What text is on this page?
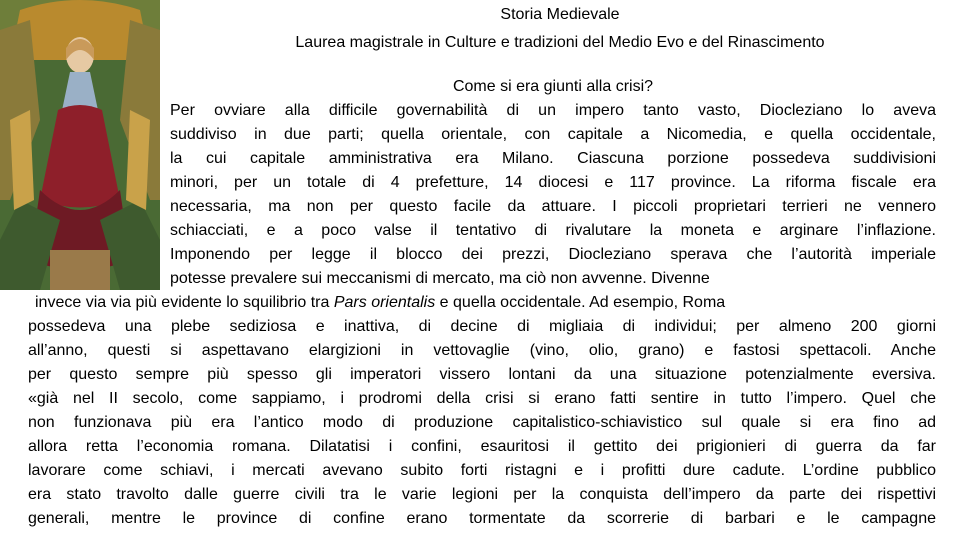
Storia Medievale
Laurea magistrale in Culture e tradizioni del Medio Evo e del Rinascimento
Come si era giunti alla crisi?
Per ovviare alla difficile governabilità di un impero tanto vasto, Diocleziano lo aveva
suddiviso in due parti; quella orientale, con capitale a Nicomedia, e quella occidentale,
la cui capitale amministrativa era Milano. Ciascuna porzione possedeva suddivisioni
minori, per un totale di 4 prefetture, 14 diocesi e 117 province. La riforma fiscale era
necessaria, ma non per questo facile da attuare. I piccoli proprietari terrieri ne vennero
schiacciati, e a poco valse il tentativo di rivalutare la moneta e arginare l’inflazione.
Imponendo per legge il blocco dei prezzi, Diocleziano sperava che l’autorità imperiale
potesse prevalere sui meccanismi di mercato, ma ciò non avvenne. Divenne
invece via via più evidente lo squilibrio tra Pars orientalis e quella occidentale. Ad esempio, Roma
possedeva una plebe sediziosa e inattiva, di decine di migliaia di individui; per almeno 200 giorni
all’anno, questi si aspettavano elargizioni in vettovaglie (vino, olio, grano) e fastosi spettacoli. Anche
per questo sempre più spesso gli imperatori vissero lontani da una situazione potenzialmente eversiva.
«già nel II secolo, come sappiamo, i prodromi della crisi si erano fatti sentire in tutto l’impero. Quel che
non funzionava più era l’antico modo di produzione capitalistico-schiavistico sul quale si era fino ad
allora retta l’economia romana. Dilatatisi i confini, esauritosi il gettito dei prigionieri di guerra da far
lavorare come schiavi, i mercati avevano subito forti ristagni e i profitti dure cadute. L’ordine pubblico
era stato travolto dalle guerre civili tra le varie legioni per la conquista dell’impero da parte dei rispettivi
generali, mentre le province di confine erano tormentate da scorrerie di barbari e le campagne
